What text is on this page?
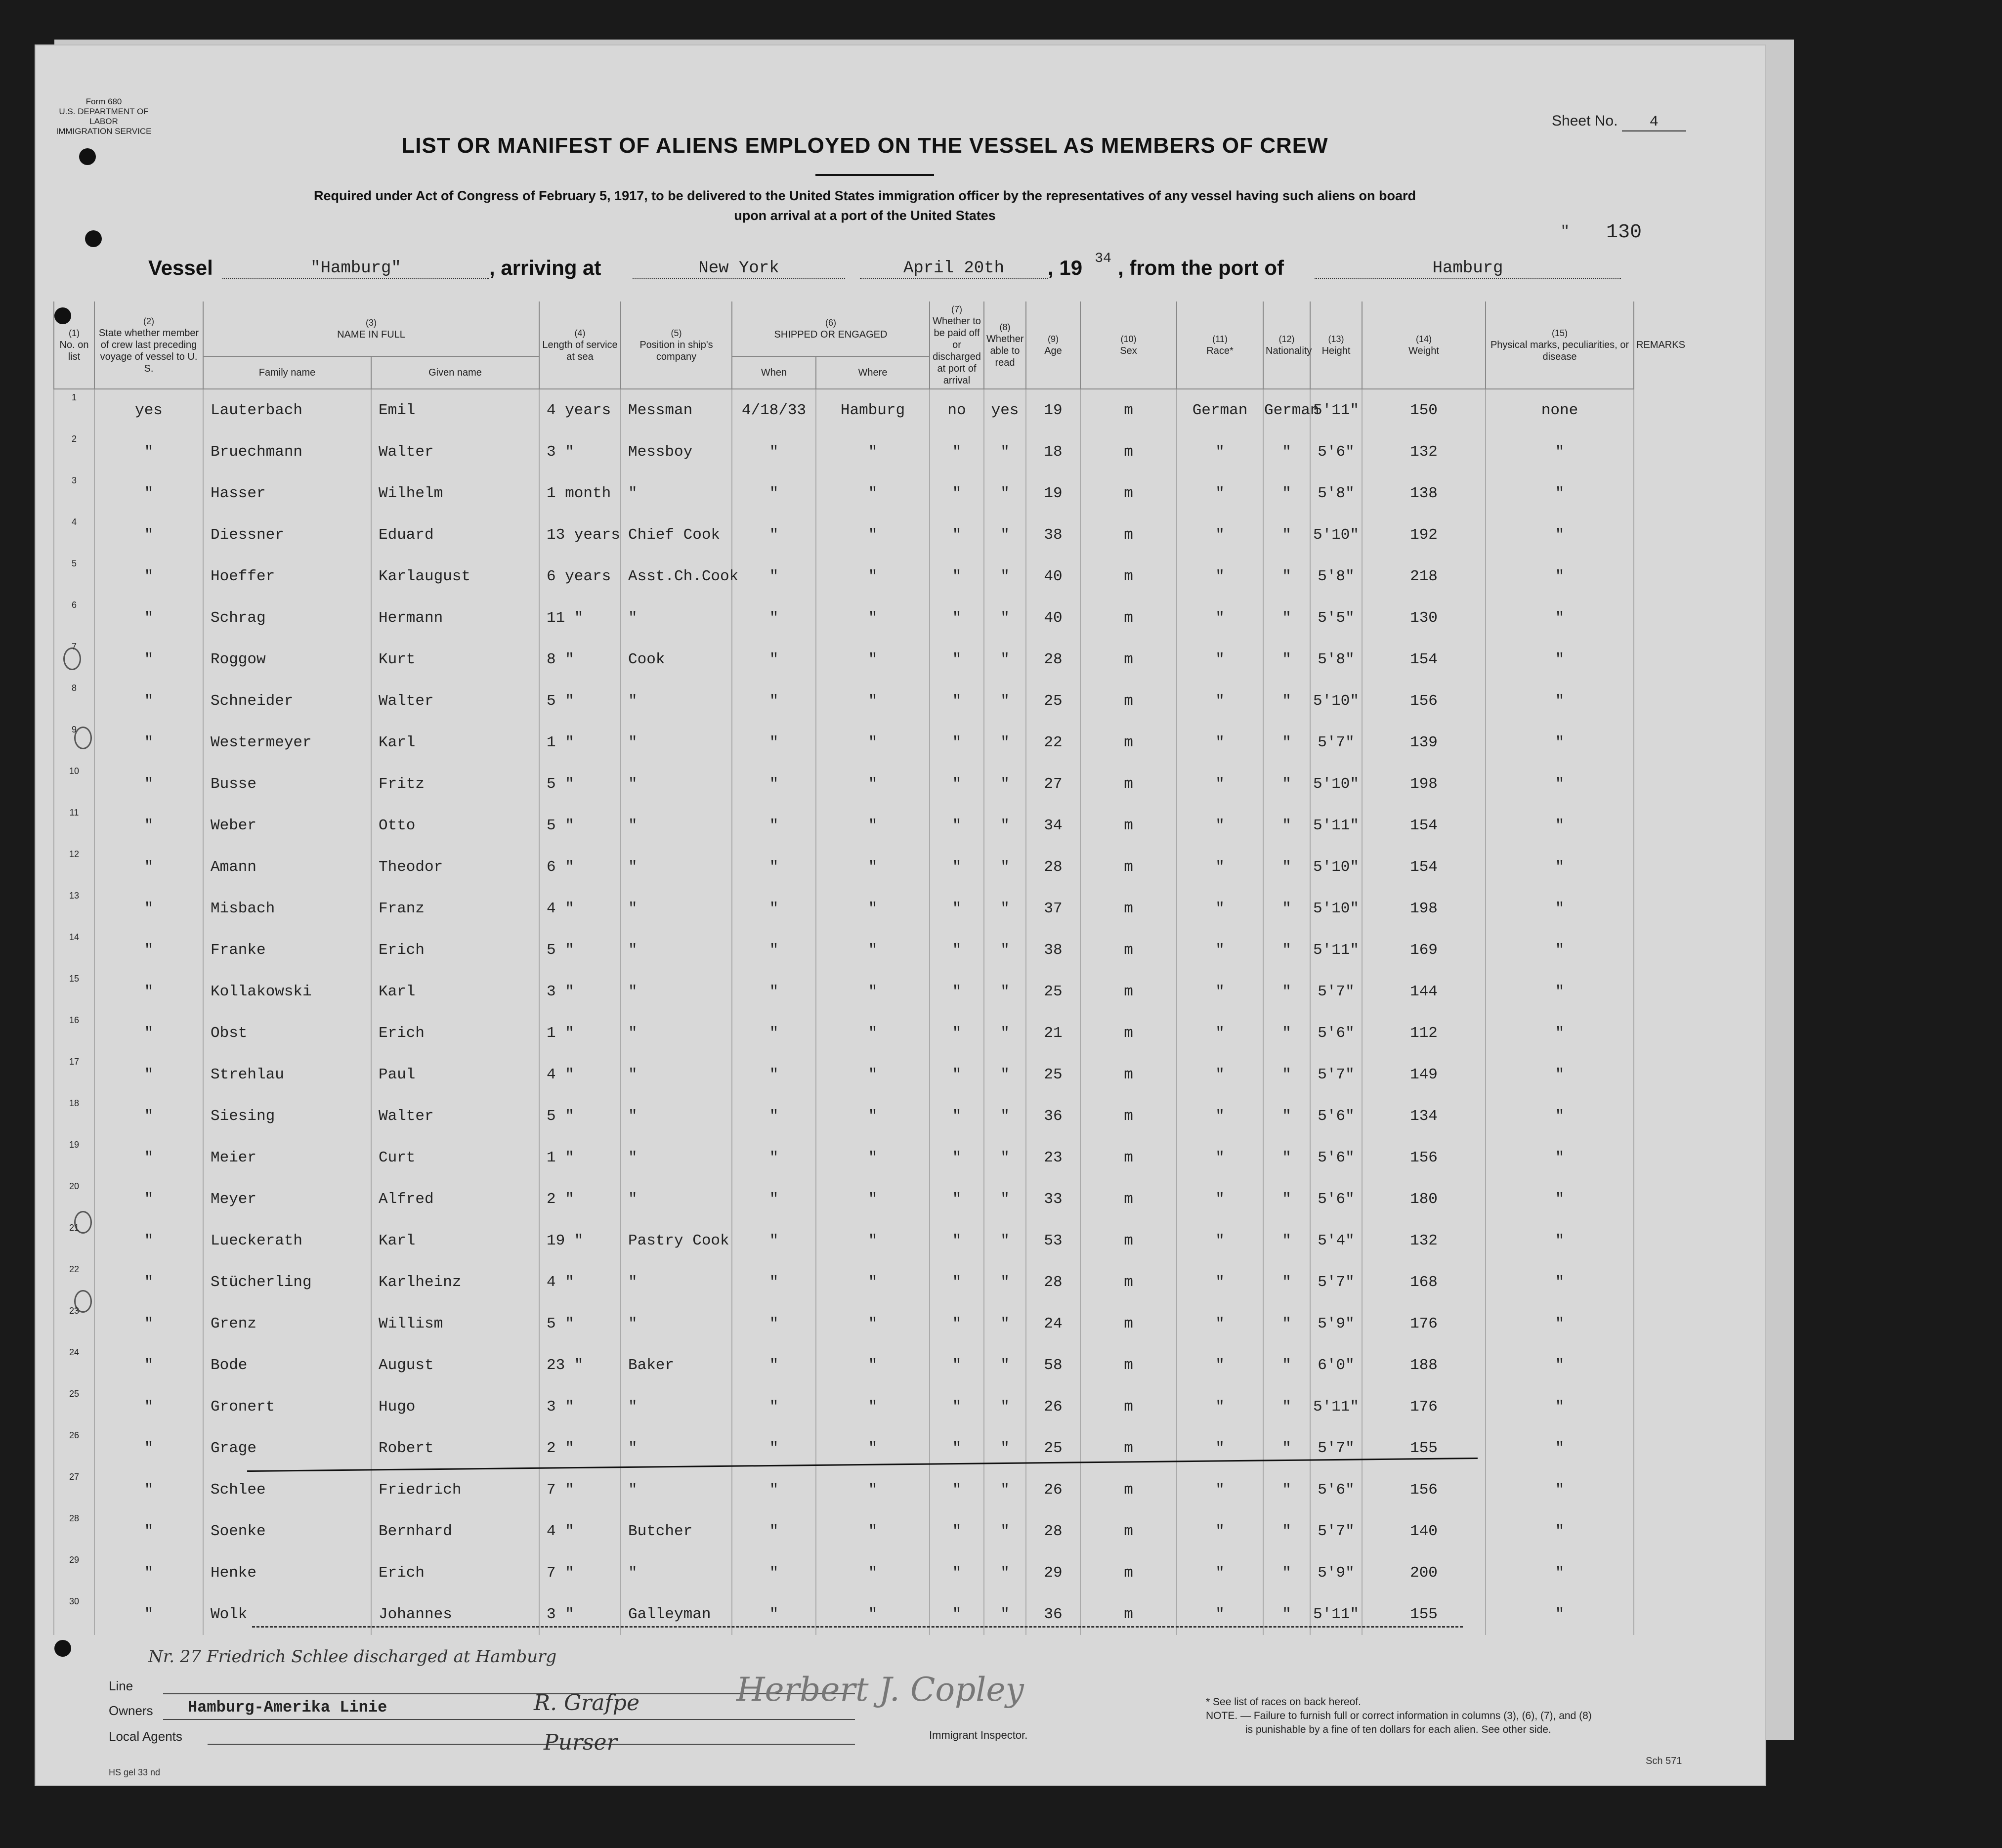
Form 680
U.S. DEPARTMENT OF LABOR
IMMIGRATION SERVICE
Sheet No. 4
LIST OR MANIFEST OF ALIENS EMPLOYED ON THE VESSEL AS MEMBERS OF CREW
Required under Act of Congress of February 5, 1917, to be delivered to the United States immigration officer by the representatives of any vessel having such aliens on board
upon arrival at a port of the United States
" 130
Vessel	"Hamburg"	, arriving at	New York	April 20th	, 19 34 , from the port of	Hamburg
(1)
No. on list	(2)
State whether member of crew last preceding voyage of vessel to U. S.	(3)
NAME IN FULL		(4)
Length of service at sea	(5)
Position in ship's company	(6)
SHIPPED OR ENGAGED		(7)
Whether to be paid off or discharged at port of arrival	(8)
Whether able to read	(9)
Age	(10)
Sex	(11)
Race*	(12)
Nationality	(13)
Height	(14)
Weight	(15)
Physical marks, peculiarities, or disease	REMARKS
		Family name	Given name			When	Where										
1	yes	Lauterbach	Emil	4 years	Messman	4/18/33	Hamburg	no	yes	19	m	German	German	5'11"	150	none	
2	"	Bruechmann	Walter	3 "	Messboy	"	"	"	"	18	m	"	"	5'6"	132	"	
3	"	Hasser	Wilhelm	1 month	"	"	"	"	"	19	m	"	"	5'8"	138	"	
4	"	Diessner	Eduard	13 years	Chief Cook	"	"	"	"	38	m	"	"	5'10"	192	"	
5	"	Hoeffer	Karlaugust	6 years	Asst.Ch.Cook	"	"	"	"	40	m	"	"	5'8"	218	"	
6	"	Schrag	Hermann	11 "	"	"	"	"	"	40	m	"	"	5'5"	130	"	
7	"	Roggow	Kurt	8 "	Cook	"	"	"	"	28	m	"	"	5'8"	154	"	
8	"	Schneider	Walter	5 "	"	"	"	"	"	25	m	"	"	5'10"	156	"	
9	"	Westermeyer	Karl	1 "	"	"	"	"	"	22	m	"	"	5'7"	139	"	
10	"	Busse	Fritz	5 "	"	"	"	"	"	27	m	"	"	5'10"	198	"	
11	"	Weber	Otto	5 "	"	"	"	"	"	34	m	"	"	5'11"	154	"	
12	"	Amann	Theodor	6 "	"	"	"	"	"	28	m	"	"	5'10"	154	"	
13	"	Misbach	Franz	4 "	"	"	"	"	"	37	m	"	"	5'10"	198	"	
14	"	Franke	Erich	5 "	"	"	"	"	"	38	m	"	"	5'11"	169	"	
15	"	Kollakowski	Karl	3 "	"	"	"	"	"	25	m	"	"	5'7"	144	"	
16	"	Obst	Erich	1 "	"	"	"	"	"	21	m	"	"	5'6"	112	"	
17	"	Strehlau	Paul	4 "	"	"	"	"	"	25	m	"	"	5'7"	149	"	
18	"	Siesing	Walter	5 "	"	"	"	"	"	36	m	"	"	5'6"	134	"	
19	"	Meier	Curt	1 "	"	"	"	"	"	23	m	"	"	5'6"	156	"	
20	"	Meyer	Alfred	2 "	"	"	"	"	"	33	m	"	"	5'6"	180	"	
21	"	Lueckerath	Karl	19 "	Pastry Cook	"	"	"	"	53	m	"	"	5'4"	132	"	
22	"	Stücherling	Karlheinz	4 "	"	"	"	"	"	28	m	"	"	5'7"	168	"	
23	"	Grenz	Willism	5 "	"	"	"	"	"	24	m	"	"	5'9"	176	"	
24	"	Bode	August	23 "	Baker	"	"	"	"	58	m	"	"	6'0"	188	"	
25	"	Gronert	Hugo	3 "	"	"	"	"	"	26	m	"	"	5'11"	176	"	
26	"	Grage	Robert	2 "	"	"	"	"	"	25	m	"	"	5'7"	155	"	
27	"	Schlee	Friedrich	7 "	"	"	"	"	"	26	m	"	"	5'6"	156	"	
28	"	Soenke	Bernhard	4 "	Butcher	"	"	"	"	28	m	"	"	5'7"	140	"	
29	"	Henke	Erich	7 "	"	"	"	"	"	29	m	"	"	5'9"	200	"	
30	"	Wolk	Johannes	3 "	Galleyman	"	"	"	"	36	m	"	"	5'11"	155	"	
Nr. 27 Friedrich Schlee discharged at Hamburg
Line
Owners Hamburg-Amerika Linie
Local Agents
R. Grafpe
Purser
Herbert J. Copley
Immigrant Inspector.
* See list of races on back hereof.
NOTE. — Failure to furnish full or correct information in columns (3), (6), (7), and (8)
is punishable by a fine of ten dollars for each alien. See other side.
Sch 571
HS gel 33 nd
